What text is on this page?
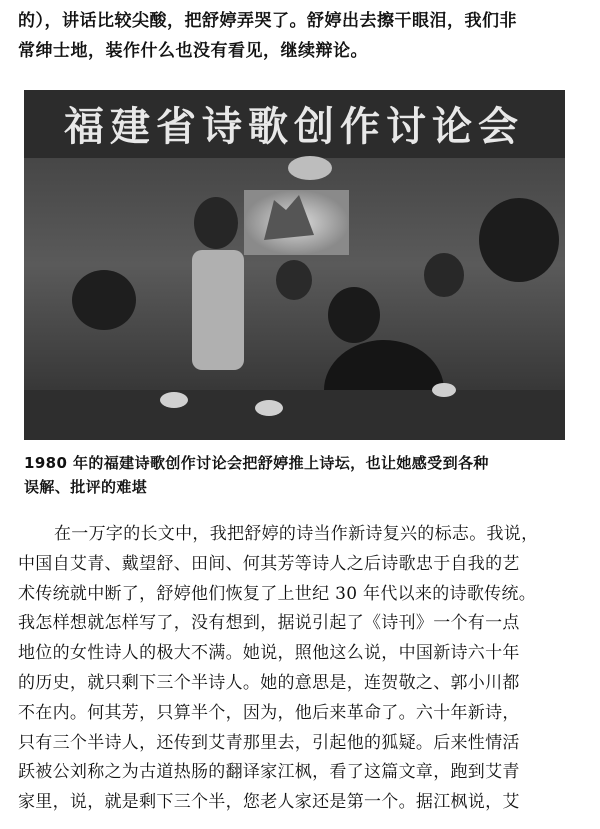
的），讲话比较尖酸，把舒婷弄哭了。舒婷出去擦干眼泪，我们非
常绅士地，装作什么也没有看见，继续辩论。
福建省诗歌创作讨论会
1980 年的福建诗歌创作讨论会把舒婷推上诗坛，也让她感受到各种
误解、批评的难堪
在一万字的长文中，我把舒婷的诗当作新诗复兴的标志。我说，
中国自艾青、戴望舒、田间、何其芳等诗人之后诗歌忠于自我的艺
术传统就中断了，舒婷他们恢复了上世纪 30 年代以来的诗歌传统。
我怎样想就怎样写了，没有想到，据说引起了《诗刊》一个有一点
地位的女性诗人的极大不满。她说，照他这么说，中国新诗六十年
的历史，就只剩下三个半诗人。她的意思是，连贺敬之、郭小川都
不在内。何其芳，只算半个，因为，他后来革命了。六十年新诗，
只有三个半诗人，还传到艾青那里去，引起他的狐疑。后来性情活
跃被公刘称之为古道热肠的翻译家江枫，看了这篇文章，跑到艾青
家里，说，就是剩下三个半，您老人家还是第一个。据江枫说，艾
